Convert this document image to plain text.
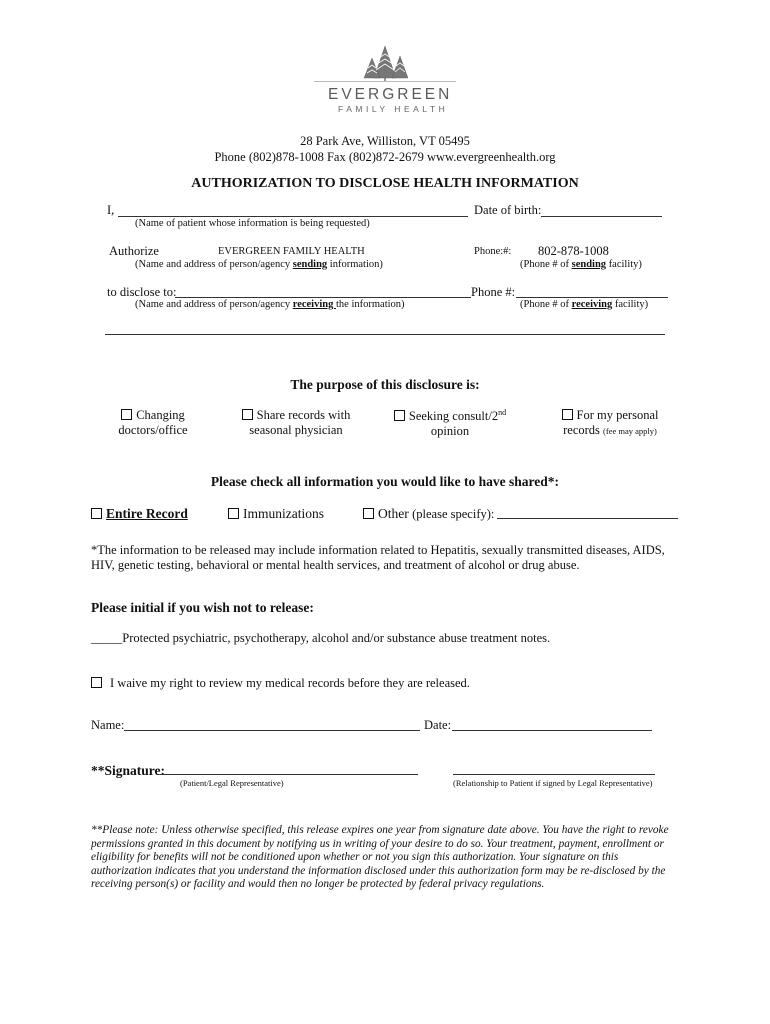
EVERGREEN
FAMILY HEALTH
28 Park Ave, Williston, VT 05495
Phone (802)878-1008 Fax (802)872-2679 www.evergreenhealth.org
AUTHORIZATION TO DISCLOSE HEALTH INFORMATION
I,
(Name of patient whose information is being requested)
Date of birth:
Authorize	EVERGREEN FAMILY HEALTH
(Name and address of person/agency sending information)
Phone:#: 802-878-1008
(Phone # of sending facility)
to disclose to:	Phone #:
(Name and address of person/agency receiving the information)	(Phone # of receiving facility)
The purpose of this disclosure is:
Changing
doctors/office
Share records with
seasonal physician
Seeking consult/2nd
opinion
For my personal
records (fee may apply)
Please check all information you would like to have shared*:
Entire Record	Immunizations	Other (please specify):
*The information to be released may include information related to Hepatitis, sexually transmitted diseases, AIDS,
HIV, genetic testing, behavioral or mental health services, and treatment of alcohol or drug abuse.
Please initial if you wish not to release:
_____Protected psychiatric, psychotherapy, alcohol and/or substance abuse treatment notes.
I waive my right to review my medical records before they are released.
Name:	Date:
**Signature:
(Patient/Legal Representative)	(Relationship to Patient if signed by Legal Representative)
**Please note: Unless otherwise specified, this release expires one year from signature date above. You have the right to revoke
permissions granted in this document by notifying us in writing of your desire to do so. Your treatment, payment, enrollment or
eligibility for benefits will not be conditioned upon whether or not you sign this authorization. Your signature on this
authorization indicates that you understand the information disclosed under this authorization form may be re-disclosed by the
receiving person(s) or facility and would then no longer be protected by federal privacy regulations.
